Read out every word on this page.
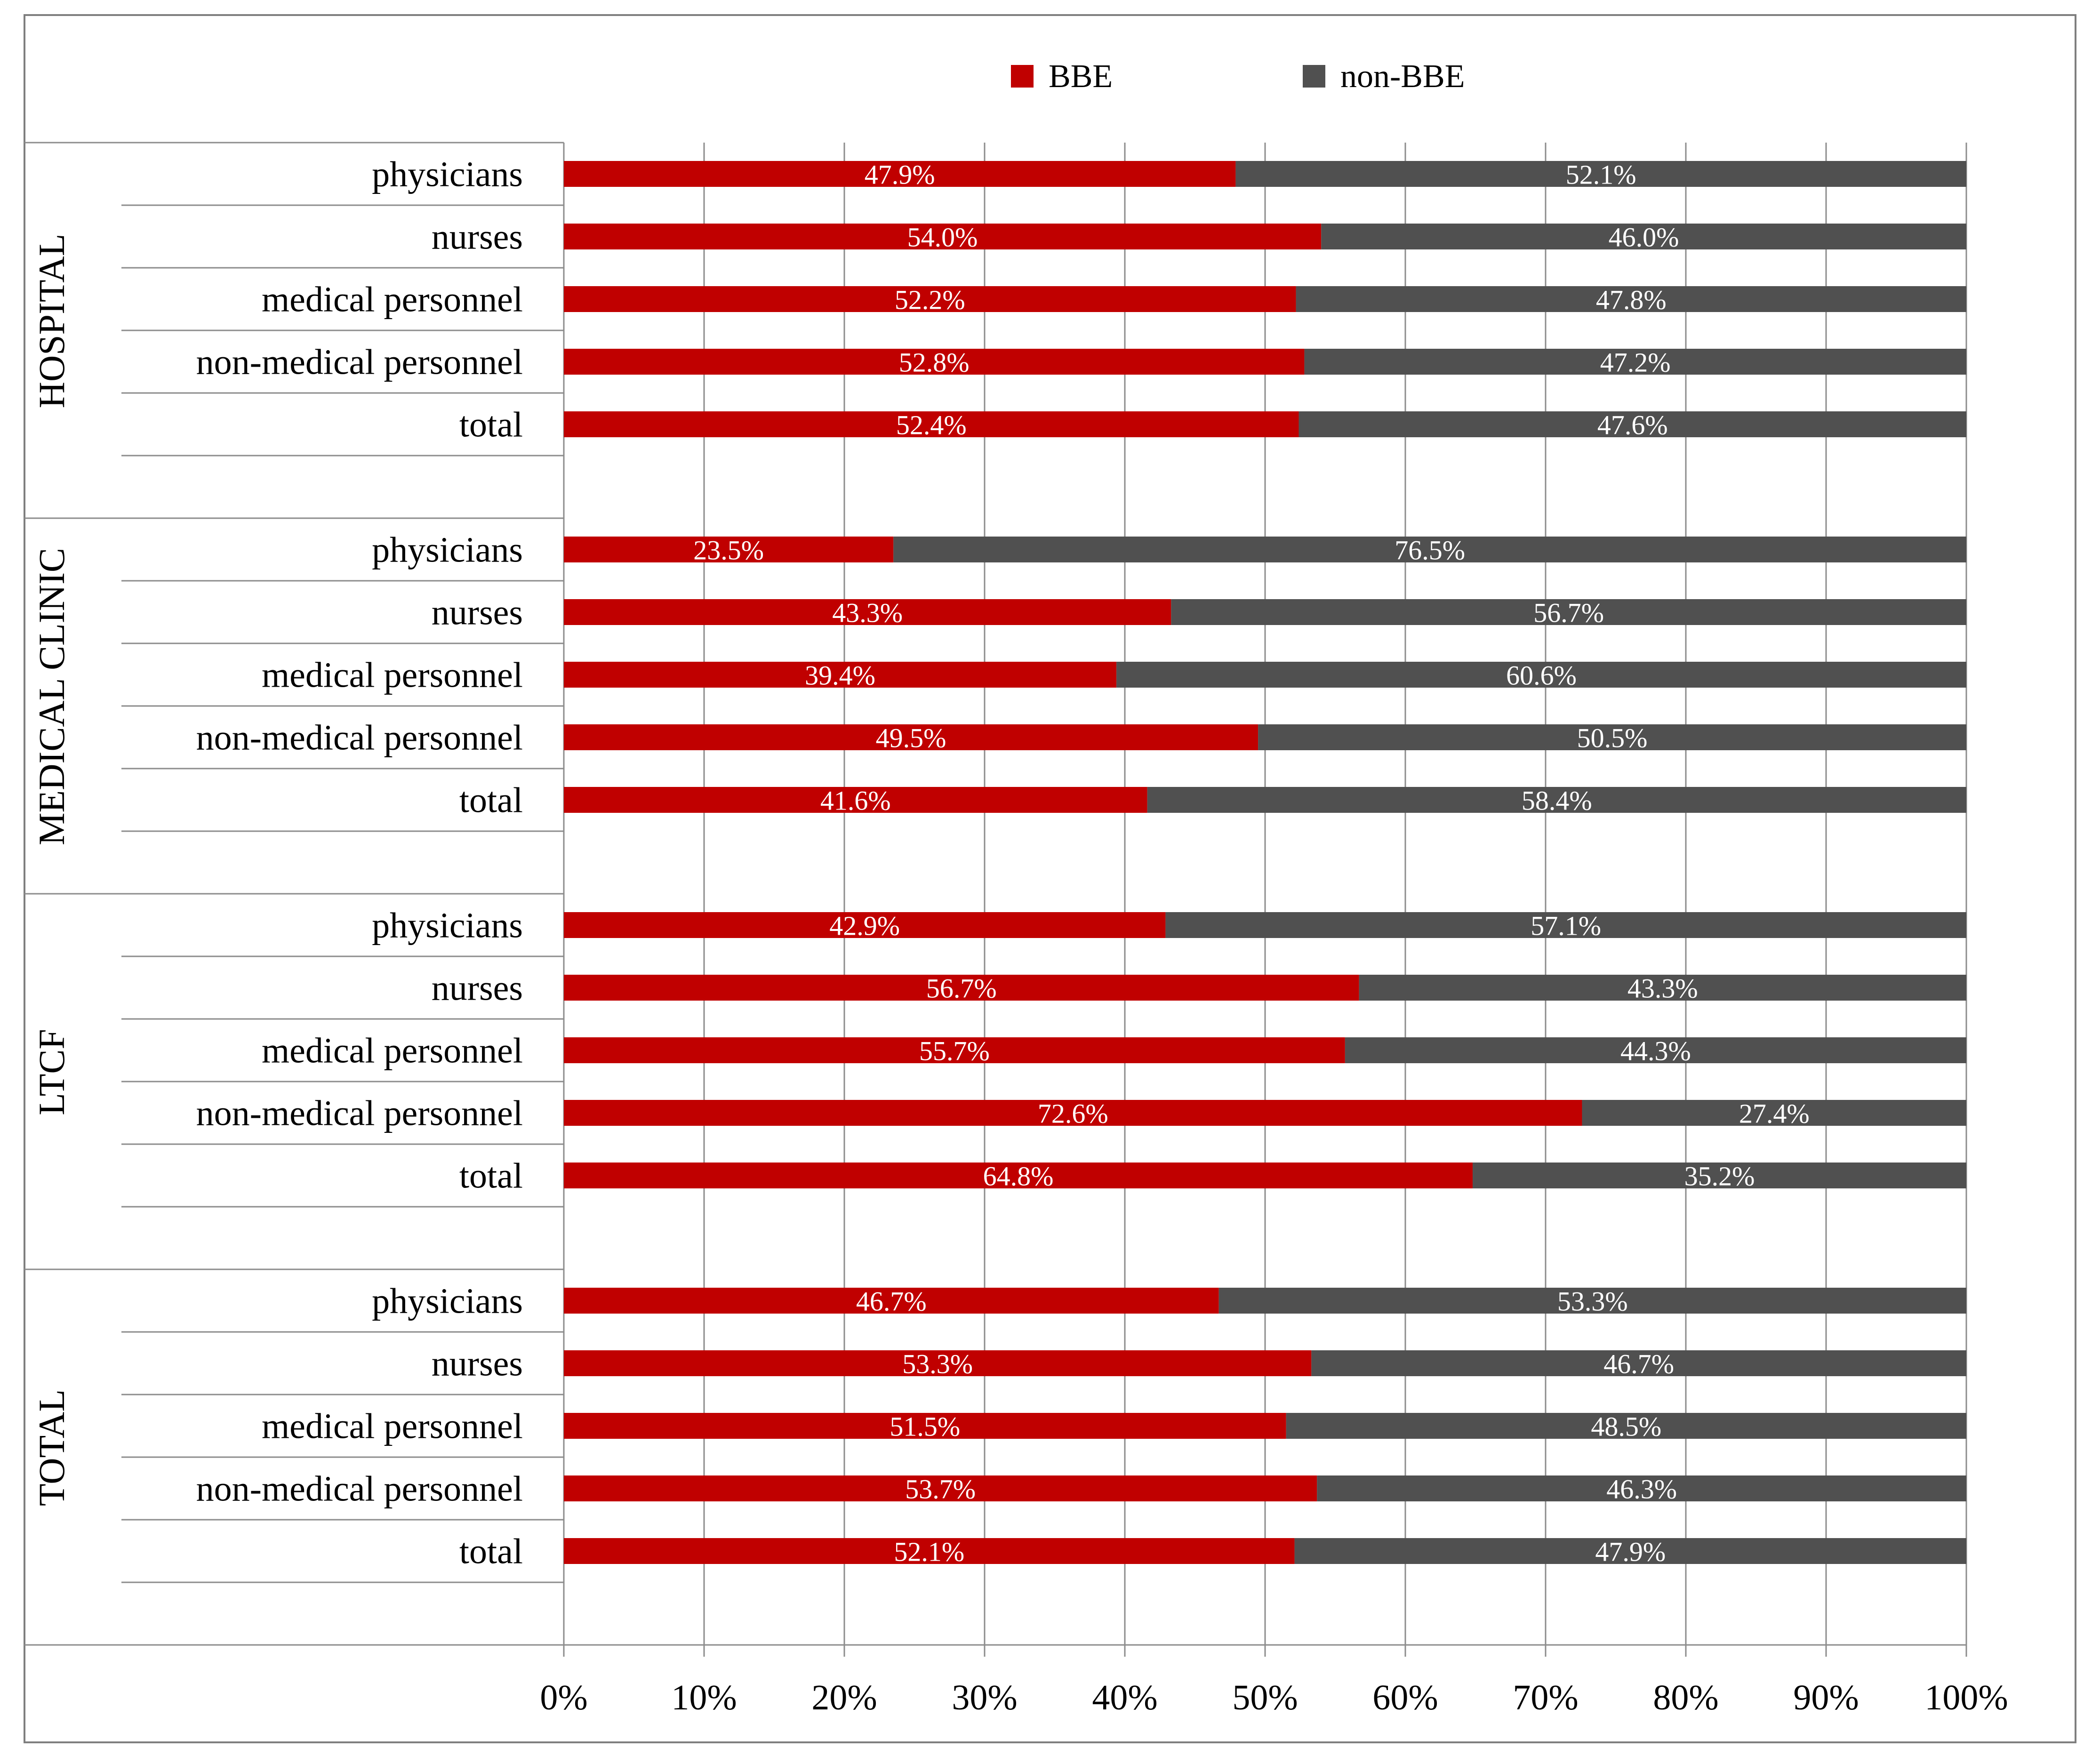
0% 10% 20% 30% 40% 50% 60% 70% 80% 90% 100%
HOSPITAL
physicians	47.9%	52.1%
nurses	54.0%	46.0%
medical personnel	52.2%	47.8%
non-medical personnel	52.8%	47.2%
total	52.4%	47.6%
MEDICAL CLINIC	physicians	23.5%	76.5%
nurses	43.3%	56.7%
medical personnel	39.4%	60.6%
non-medical personnel	49.5%	50.5%
total	41.6%	58.4%
LTCF
physicians	42.9%	57.1%
nurses	56.7%	43.3%
medical personnel	55.7%	44.3%
non-medical personnel	72.6%	27.4%
total	64.8%	35.2%
TOTAL
physicians	46.7%	53.3%
nurses	53.3%	46.7%
medical personnel	51.5%	48.5%
non-medical personnel	53.7%	46.3%
total	52.1%	47.9%
BBE	non-BBE
